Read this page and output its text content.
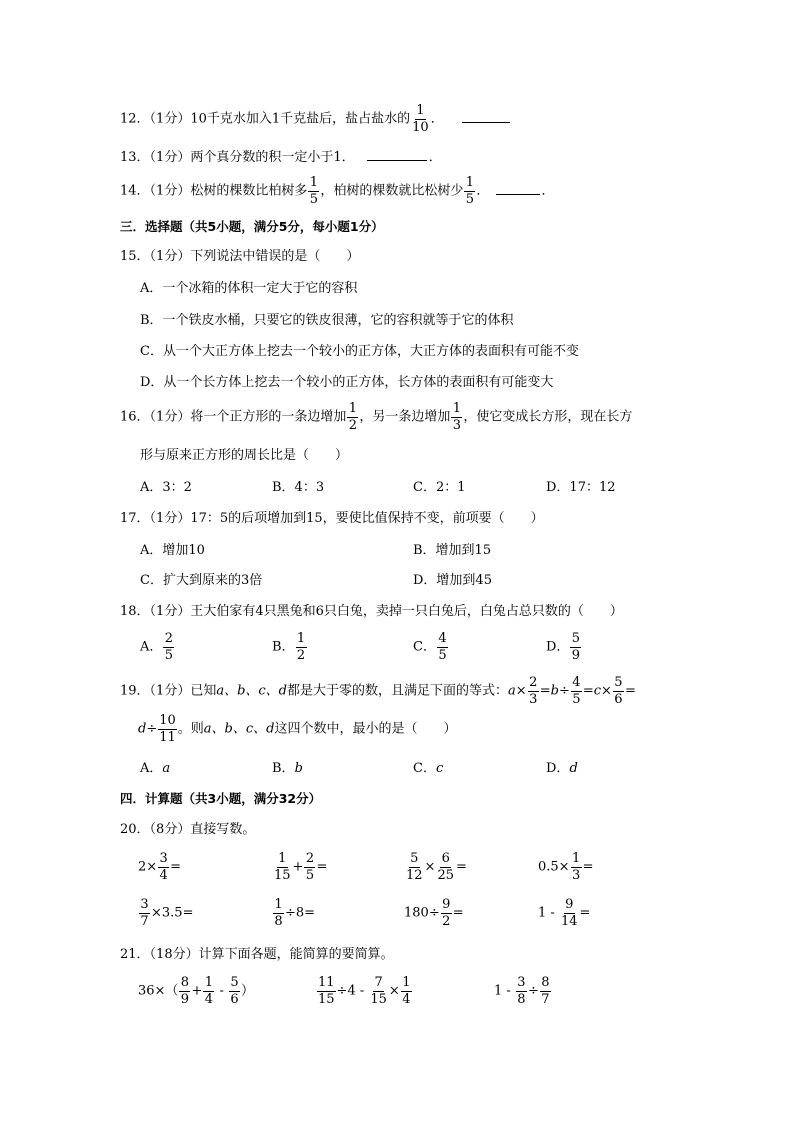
12．（1分）10千克水加入1千克盐后，盐占盐水的 $\frac{1}{10}$ ．
13．（1分）两个真分数的积一定小于1．	．
14．（1分）松树的棵数比柏树多 $\frac{1}{5}$ ，柏树的棵数就比松树少 $\frac{1}{5}$ ．	．
三．选择题（共5小题，满分5分，每小题1分）
15．（1分）下列说法中错误的是（　　）
A．一个冰箱的体积一定大于它的容积
B．一个铁皮水桶，只要它的铁皮很薄，它的容积就等于它的体积
C．从一个大正方体上挖去一个较小的正方体，大正方体的表面积有可能不变
D．从一个长方体上挖去一个较小的正方体，长方体的表面积有可能变大
16．（1分）将一个正方形的一条边增加 $\frac{1}{2}$ ，另一条边增加 $\frac{1}{3}$ ，使它变成长方形，现在长方
形与原来正方形的周长比是（　　）
A．3：2	B．4：3	C．2：1	D．17：12
17．（1分）17：5的后项增加到15，要使比值保持不变，前项要（　　）
A．增加10	B．增加到15
C．扩大到原来的3倍	D．增加到45
18．（1分）王大伯家有4只黑兔和6只白兔，卖掉一只白兔后，白兔占总只数的（　　）
A． $\frac{2}{5}$	B． $\frac{1}{2}$	C． $\frac{4}{5}$	D． $\frac{5}{9}$
19．（1分）已知a、b、c、d都是大于零的数，且满足下面的等式：$a\times \frac{2}{3} =b\div \frac{4}{5} =c\times \frac{5}{6}$ =
$d\div \frac{10}{11}$ 。则a、b、c、d这四个数中，最小的是（　　）
A．a	B．b	C．c	D．d
四．计算题（共3小题，满分32分）
20．（8分）直接写数。
$2\times \frac{3}{4}$ =	$\frac{1}{15} + \frac{2}{5}$ =	$\frac{5}{12} \times \frac{6}{25}$ =	$0.5\times \frac{1}{3}$ =
$\frac{3}{7} \times 3.5=$	$\frac{1}{8} \div 8=$	$180\div \frac{9}{2}$ =	$1 - \frac{9}{14}$ =
21．（18分）计算下面各题，能简算的要简算。
$36\times( \frac{8}{9} + \frac{1}{4} - \frac{5}{6}$ ）	$\frac{11}{15} \div 4 - \frac{7}{15} \times \frac{1}{4}$	$1 - \frac{3}{8} \div \frac{8}{7}$
